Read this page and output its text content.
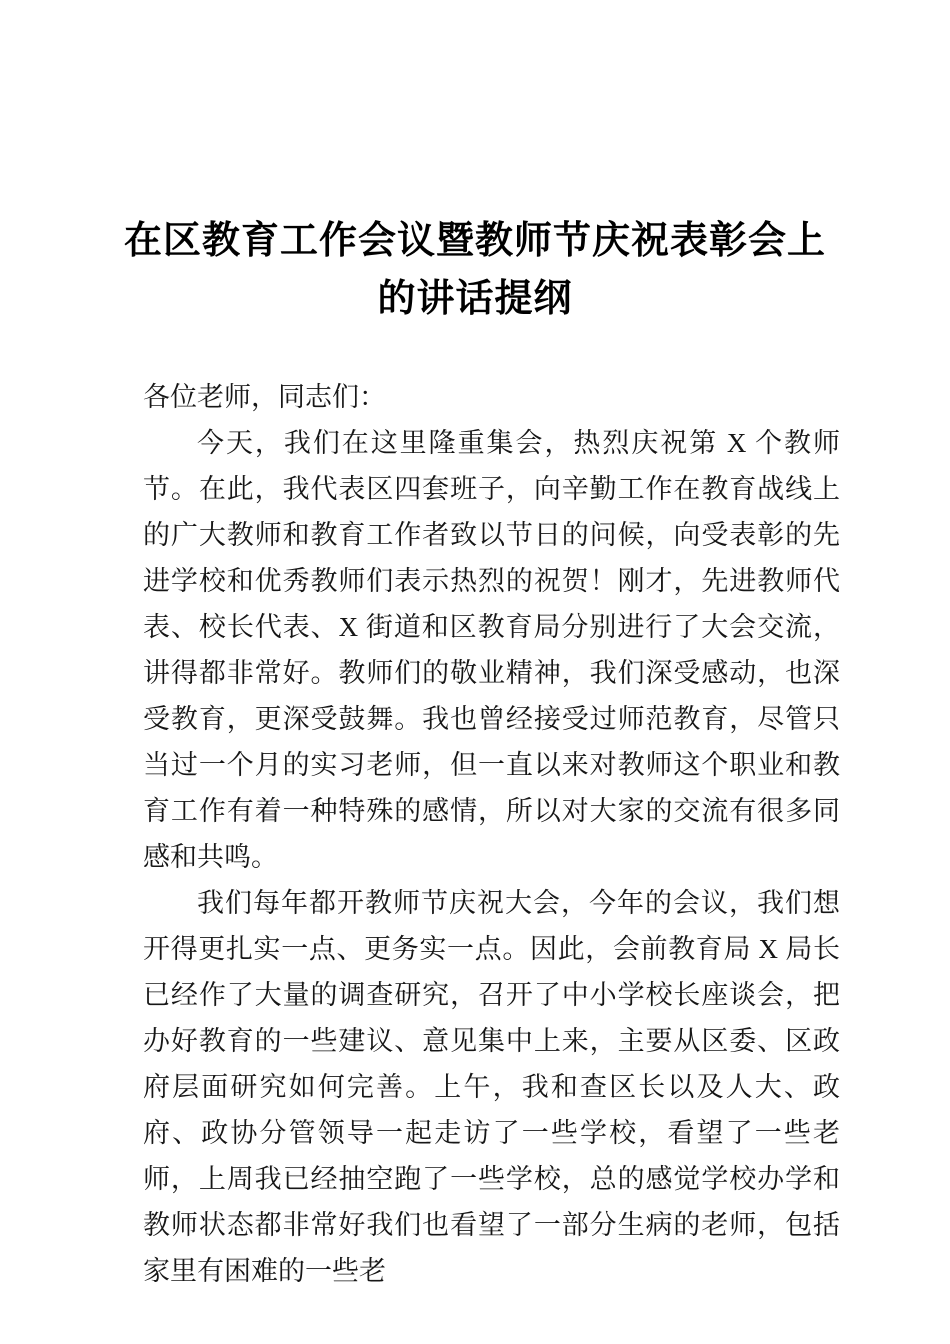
在区教育工作会议暨教师节庆祝表彰会上
的讲话提纲

各位老师，同志们：

今天，我们在这里隆重集会，热烈庆祝第 X 个教师节。在此，我代表区四套班子，向辛勤工作在教育战线上的广大教师和教育工作者致以节日的问候，向受表彰的先进学校和优秀教师们表示热烈的祝贺！刚才，先进教师代表、校长代表、X 街道和区教育局分别进行了大会交流，讲得都非常好。教师们的敬业精神，我们深受感动，也深受教育，更深受鼓舞。我也曾经接受过师范教育，尽管只当过一个月的实习老师，但一直以来对教师这个职业和教育工作有着一种特殊的感情，所以对大家的交流有很多同感和共鸣。

我们每年都开教师节庆祝大会，今年的会议，我们想开得更扎实一点、更务实一点。因此，会前教育局 X 局长已经作了大量的调查研究，召开了中小学校长座谈会，把办好教育的一些建议、意见集中上来，主要从区委、区政府层面研究如何完善。上午，我和查区长以及人大、政府、政协分管领导一起走访了一些学校，看望了一些老师，上周我已经抽空跑了一些学校，总的感觉学校办学和教师状态都非常好我们也看望了一部分生病的老师，包括家里有困难的一些老
